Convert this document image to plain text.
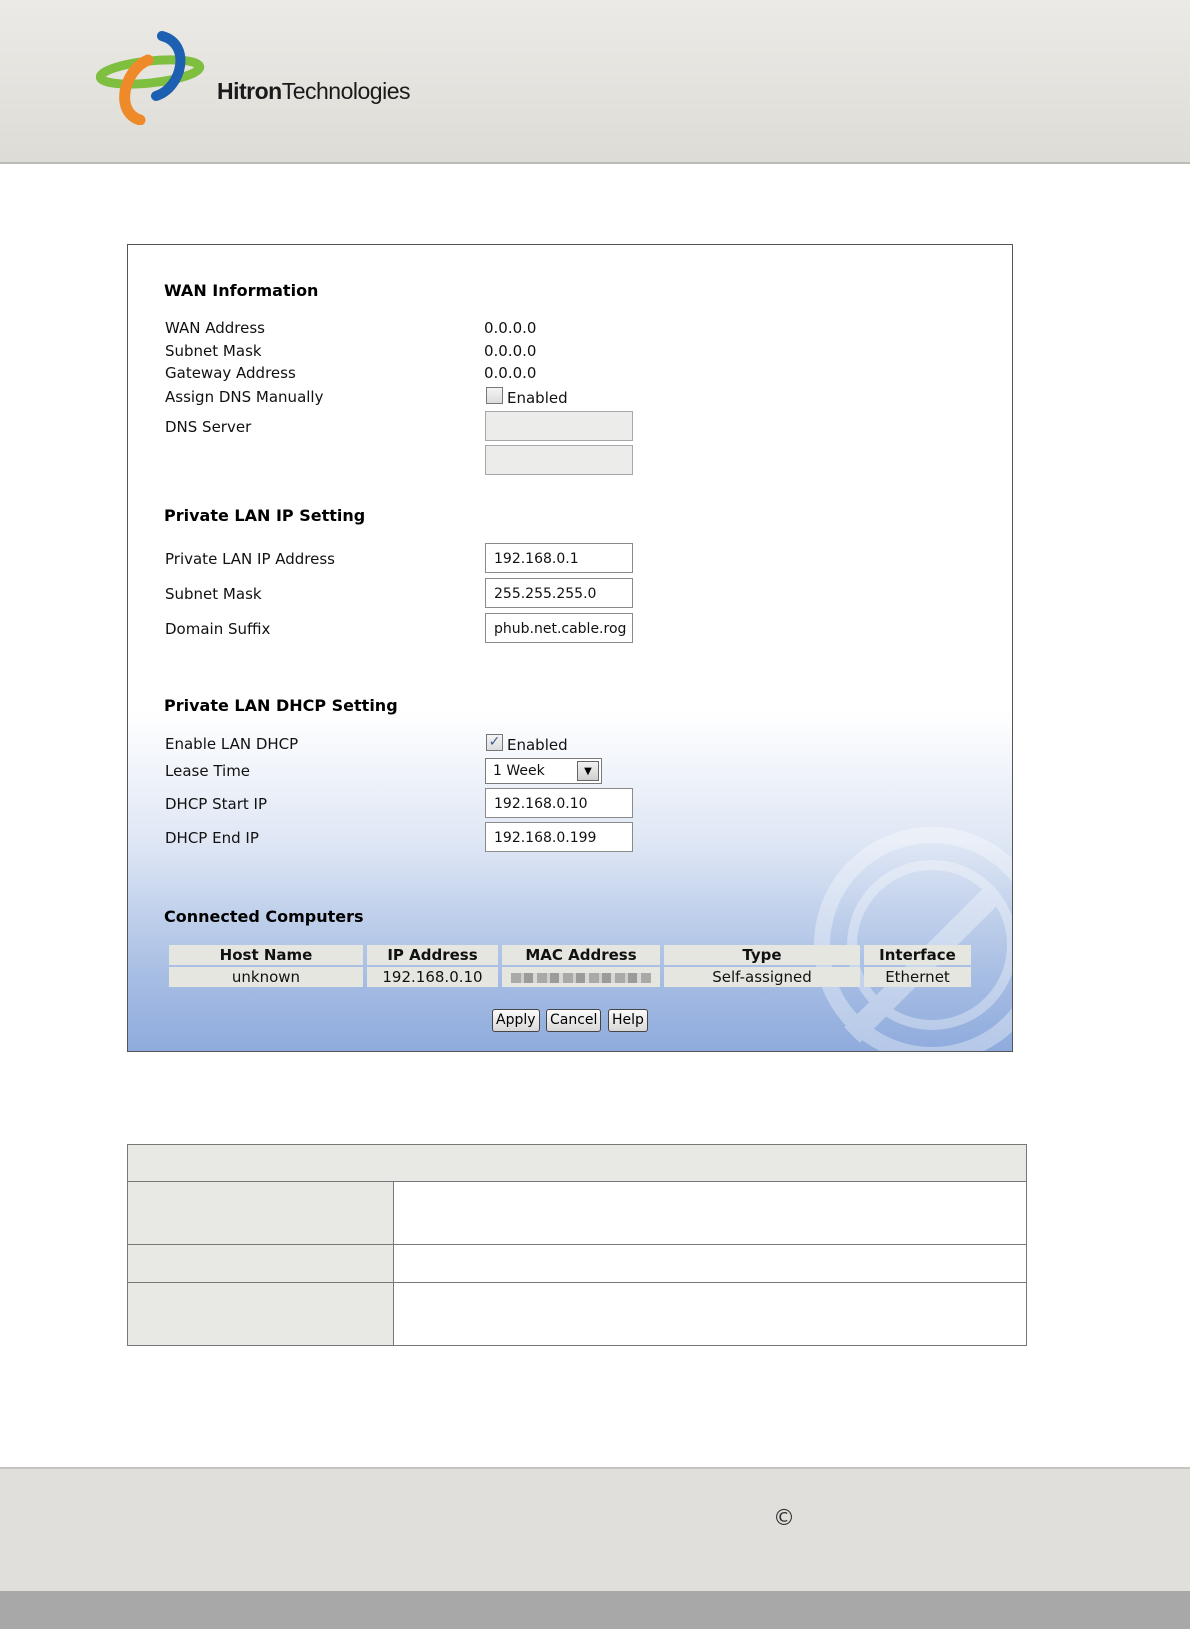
HitronTechnologies
WAN Information
WAN Address	0.0.0.0
Subnet Mask	0.0.0.0
Gateway Address	0.0.0.0
Assign DNS Manually	Enabled
DNS Server
Private LAN IP Setting
Private LAN IP Address	192.168.0.1
Subnet Mask	255.255.255.0
Domain Suffix	phub.net.cable.rog
Private LAN DHCP Setting
Enable LAN DHCP	✓ Enabled
Lease Time	1 Week	▼
DHCP Start IP	192.168.0.10
DHCP End IP	192.168.0.199
Connected Computers
Host Name	IP Address	MAC Address	Type	Interface
unknown	192.168.0.10		Self-assigned	Ethernet
Apply Cancel Help

©
